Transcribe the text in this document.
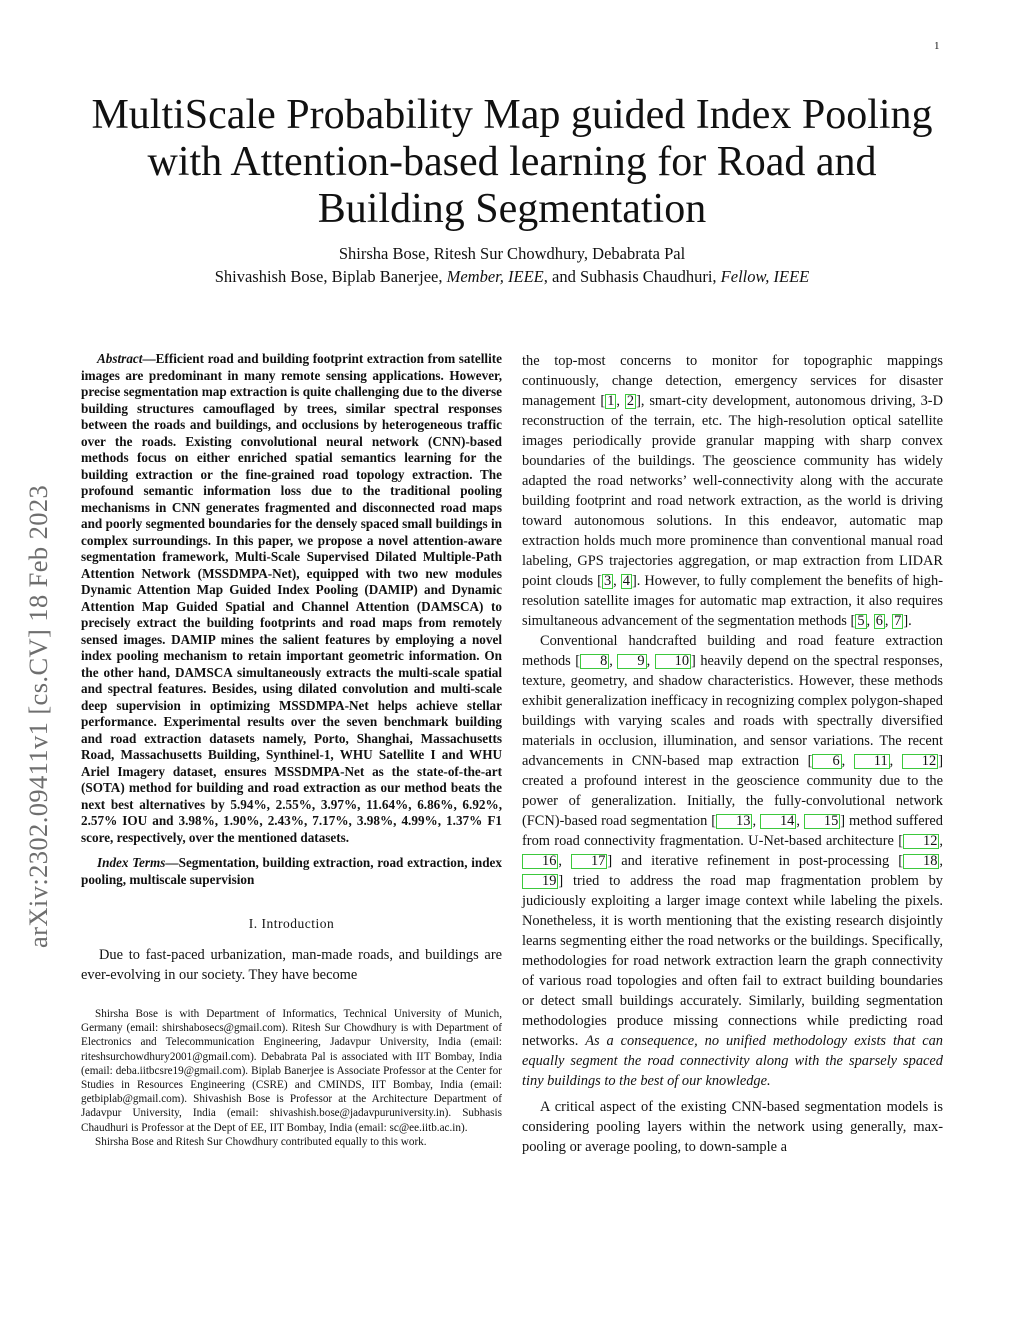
1
arXiv:2302.09411v1 [cs.CV] 18 Feb 2023
MultiScale Probability Map guided Index Pooling with Attention-based learning for Road and Building Segmentation

Shirsha Bose, Ritesh Sur Chowdhury, Debabrata Pal

Shivashish Bose, Biplab Banerjee, Member, IEEE, and Subhasis Chaudhuri, Fellow, IEEE

Abstract—Efficient road and building footprint extraction from satellite images are predominant in many remote sensing applications. However, precise segmentation map extraction is quite challenging due to the diverse building structures camouflaged by trees, similar spectral responses between the roads and buildings, and occlusions by heterogeneous traffic over the roads. Existing convolutional neural network (CNN)-based methods focus on either enriched spatial semantics learning for the building extraction or the fine-grained road topology extraction. The profound semantic information loss due to the traditional pooling mechanisms in CNN generates fragmented and disconnected road maps and poorly segmented boundaries for the densely spaced small buildings in complex surroundings. In this paper, we propose a novel attention-aware segmentation framework, Multi-Scale Supervised Dilated Multiple-Path Attention Network (MSSDMPA-Net), equipped with two new modules Dynamic Attention Map Guided Index Pooling (DAMIP) and Dynamic Attention Map Guided Spatial and Channel Attention (DAMSCA) to precisely extract the building footprints and road maps from remotely sensed images. DAMIP mines the salient features by employing a novel index pooling mechanism to retain important geometric information. On the other hand, DAMSCA simultaneously extracts the multi-scale spatial and spectral features. Besides, using dilated convolution and multi-scale deep supervision in optimizing MSSDMPA-Net helps achieve stellar performance. Experimental results over the seven benchmark building and road extraction datasets namely, Porto, Shanghai, Massachusetts Road, Massachusetts Building, Synthinel-1, WHU Satellite I and WHU Ariel Imagery dataset, ensures MSSDMPA-Net as the state-of-the-art (SOTA) method for building and road extraction as our method beats the next best alternatives by 5.94%, 2.55%, 3.97%, 11.64%, 6.86%, 6.92%, 2.57% IOU and 3.98%, 1.90%, 2.43%, 7.17%, 3.98%, 4.99%, 1.37% F1 score, respectively, over the mentioned datasets.

Index Terms—Segmentation, building extraction, road extraction, index pooling, multiscale supervision

I. Introduction

Due to fast-paced urbanization, man-made roads, and buildings are ever-evolving in our society. They have become

Shirsha Bose is with Department of Informatics, Technical University of Munich, Germany (email: shirshabosecs@gmail.com). Ritesh Sur Chowdhury is with Department of Electronics and Telecommunication Engineering, Jadavpur University, India (email: riteshsurchowdhury2001@gmail.com). Debabrata Pal is associated with IIT Bombay, India (email: deba.iitbcsre19@gmail.com). Biplab Banerjee is Associate Professor at the Center for Studies in Resources Engineering (CSRE) and CMINDS, IIT Bombay, India (email: getbiplab@gmail.com). Shivashish Bose is Professor at the Architecture Department of Jadavpur University, India (email: shivashish.bose@jadavpuruniversity.in). Subhasis Chaudhuri is Professor at the Dept of EE, IIT Bombay, India (email: sc@ee.iitb.ac.in).

Shirsha Bose and Ritesh Sur Chowdhury contributed equally to this work.

the top-most concerns to monitor for topographic mappings continuously, change detection, emergency services for disaster management [ 1 , 2 ], smart-city development, autonomous driving, 3-D reconstruction of the terrain, etc. The high-resolution optical satellite images periodically provide granular mapping with sharp convex boundaries of the buildings. The geoscience community has widely adapted the road networks’ well-connectivity along with the accurate building footprint and road network extraction, as the world is driving toward autonomous solutions. In this endeavor, automatic map extraction holds much more prominence than conventional manual road labeling, GPS trajectories aggregation, or map extraction from LIDAR point clouds [ 3 , 4 ]. However, to fully complement the benefits of high-resolution satellite images for automatic map extraction, it also requires simultaneous advancement of the segmentation methods [ 5 , 6 , 7 ].

Conventional handcrafted building and road feature extraction methods [ 8 , 9 , 10 ] heavily depend on the spectral responses, texture, geometry, and shadow characteristics. However, these methods exhibit generalization inefficacy in recognizing complex polygon-shaped buildings with varying scales and roads with spectrally diversified materials in occlusion, illumination, and sensor variations. The recent advancements in CNN-based map extraction [ 6 , 11 , 12 ] created a profound interest in the geoscience community due to the power of generalization. Initially, the fully-convolutional network (FCN)-based road segmentation [ 13 , 14 , 15 ] method suffered from road connectivity fragmentation. U-Net-based architecture [ 12 , 16 , 17 ] and iterative refinement in post-processing [ 18 , 19 ] tried to address the road map fragmentation problem by judiciously exploiting a larger image context while labeling the pixels. Nonetheless, it is worth mentioning that the existing research disjointly learns segmenting either the road networks or the buildings. Specifically, methodologies for road network extraction learn the graph connectivity of various road topologies and often fail to extract building boundaries or detect small buildings accurately. Similarly, building segmentation methodologies produce missing connections while predicting road networks. As a consequence, no unified methodology exists that can equally segment the road connectivity along with the sparsely spaced tiny buildings to the best of our knowledge.

A critical aspect of the existing CNN-based segmentation models is considering pooling layers within the network using generally, max-pooling or average pooling, to down-sample a
